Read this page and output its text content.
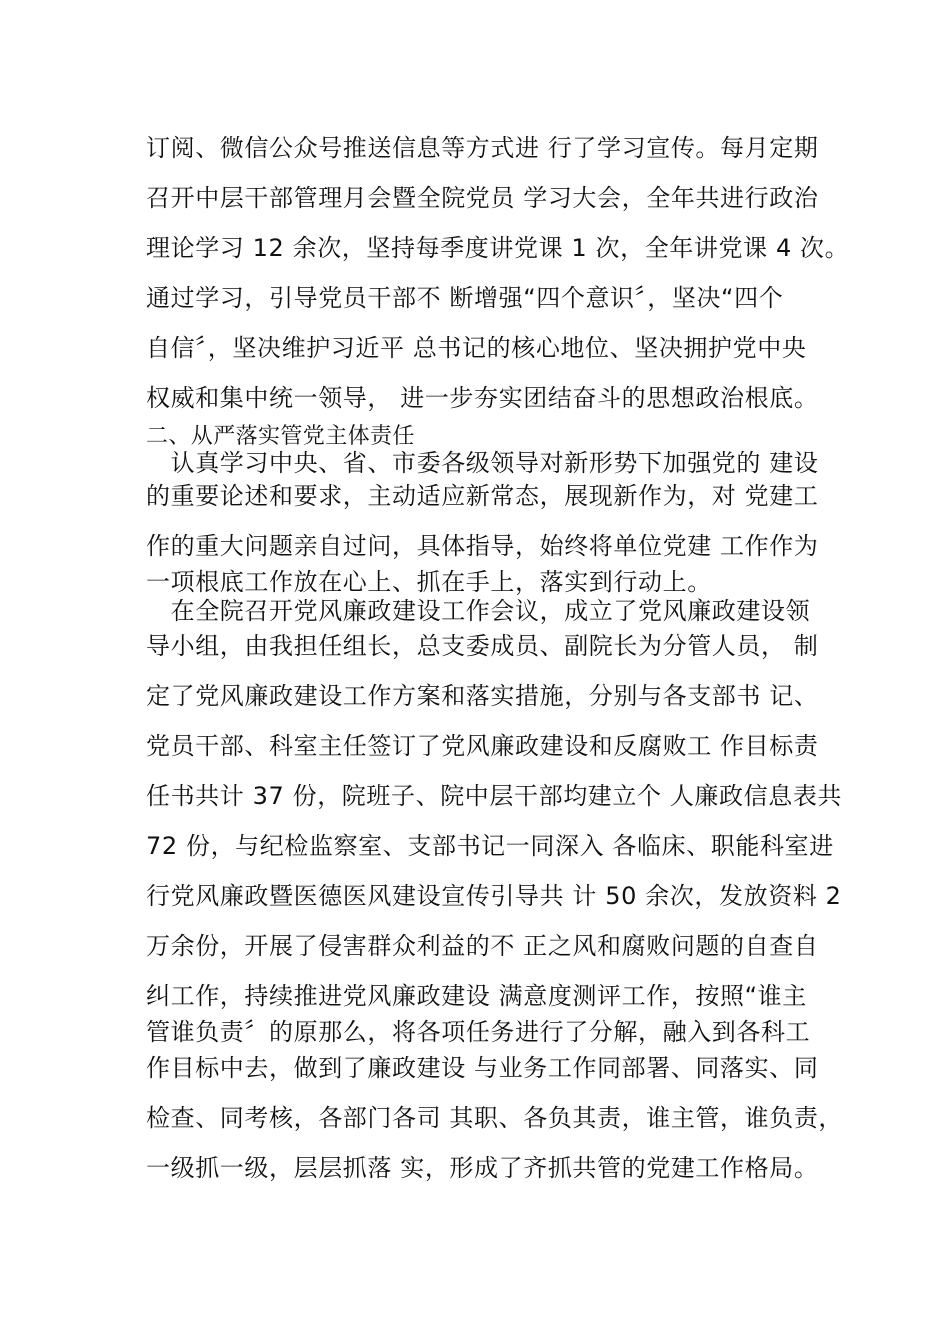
订阅、微信公众号推送信息等方式进 行了学习宣传。每月定期
召开中层干部管理月会暨全院党员 学习大会，全年共进行政治
理论学习 12 余次，坚持每季度讲党课 1 次，全年讲党课 4 次。
通过学习，引导党员干部不 断增强“四个意识〞，坚决“四个
自信〞，坚决维护习近平 总书记的核心地位、坚决拥护党中央
权威和集中统一领导， 进一步夯实团结奋斗的思想政治根底。
二、从严落实管党主体责任
　认真学习中央、省、市委各级领导对新形势下加强党的 建设
的重要论述和要求，主动适应新常态，展现新作为，对 党建工
作的重大问题亲自过问，具体指导，始终将单位党建 工作作为
一项根底工作放在心上、抓在手上，落实到行动上。
　在全院召开党风廉政建设工作会议，成立了党风廉政建设领
导小组，由我担任组长，总支委成员、副院长为分管人员， 制
定了党风廉政建设工作方案和落实措施，分别与各支部书 记、
党员干部、科室主任签订了党风廉政建设和反腐败工 作目标责
任书共计 37 份，院班子、院中层干部均建立个 人廉政信息表共
72 份，与纪检监察室、支部书记一同深入 各临床、职能科室进
行党风廉政暨医德医风建设宣传引导共 计 50 余次，发放资料 2
万余份，开展了侵害群众利益的不 正之风和腐败问题的自查自
纠工作，持续推进党风廉政建设 满意度测评工作，按照“谁主
管谁负责〞的原那么，将各项任务进行了分解，融入到各科工
作目标中去，做到了廉政建设 与业务工作同部署、同落实、同
检查、同考核，各部门各司 其职、各负其责，谁主管，谁负责，
一级抓一级，层层抓落 实，形成了齐抓共管的党建工作格局。
